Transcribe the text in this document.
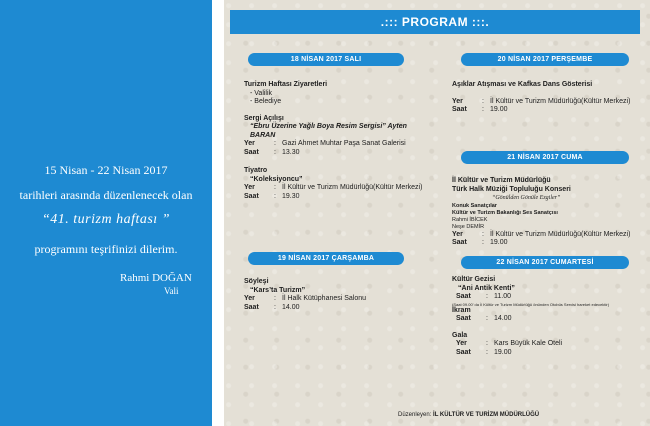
15 Nisan - 22 Nisan 2017
tarihleri arasında düzenlenecek olan
“41. turizm haftası ”
programını teşrifinizi dilerim.
Rahmi DOĞAN
Vali
.::: PROGRAM :::.
18 NİSAN 2017 SALI
Turizm Haftası Ziyaretleri
- Valilik
- Belediye
Sergi Açılışı
“Ebru Üzerine Yağlı Boya Resim Sergisi” Ayten BARAN
Yer	: Gazi Ahmet Muhtar Paşa Sanat Galerisi
Saat	: 13.30
Tiyatro
“Koleksiyoncu”
Yer	: İl Kültür ve Turizm Müdürlüğü(Kültür Merkezi)
Saat	: 19.30
19 NİSAN 2017 ÇARŞAMBA
Söyleşi
“Kars’ta Turizm”
Yer	: İl Halk Kütüphanesi Salonu
Saat	: 14.00
20 NİSAN 2017 PERŞEMBE
Aşıklar Atışması ve Kafkas Dans Gösterisi
Yer	: İl Kültür ve Turizm Müdürlüğü(Kültür Merkezi)
Saat	: 19.00
21 NİSAN 2017 CUMA
İl Kültür ve Turizm Müdürlüğü
Türk Halk Müziği Topluluğu Konseri
“Gönülden Gönüle Ezgiler”
Konuk Sanatçılar
Kültür ve Turizm Bakanlığı Ses Sanatçısı
Rahmi İBİCEK
Neşe DEMİR
Yer	: İl Kültür ve Turizm Müdürlüğü(Kültür Merkezi)
Saat	: 19.00
22 NİSAN 2017 CUMARTESİ
Kültür Gezisi
“Ani Antik Kenti”
Saat	: 11.00
(Saat 09.00’ da İl Kültür ve Turizm Müdürlüğü önünden Otobüs Servisi hareket edecektir)
İkram
Saat	: 14.00
Gala
Yer	: Kars Büyük Kale Oteli
Saat	: 19.00
Düzenleyen: İL KÜLTÜR VE TURİZM MÜDÜRLÜĞÜ
